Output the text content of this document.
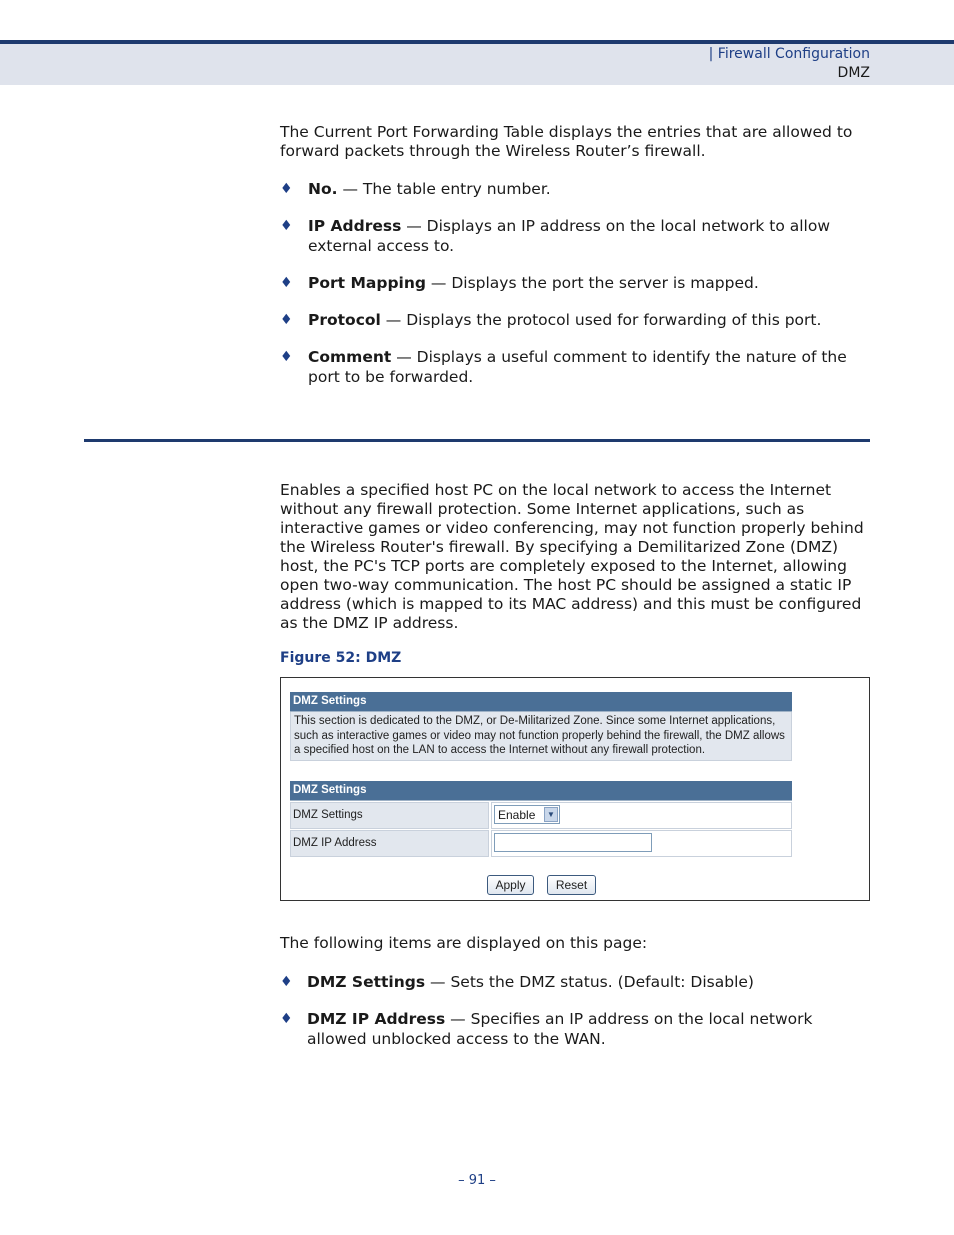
| Firewall Configuration
DMZ

The Current Port Forwarding Table displays the entries that are allowed to forward packets through the Wireless Router’s firewall.

♦ No. — The table entry number.
♦ IP Address — Displays an IP address on the local network to allow external access to.
♦ Port Mapping — Displays the port the server is mapped.
♦ Protocol — Displays the protocol used for forwarding of this port.
♦ Comment — Displays a useful comment to identify the nature of the port to be forwarded.

Enables a specified host PC on the local network to access the Internet without any firewall protection. Some Internet applications, such as interactive games or video conferencing, may not function properly behind the Wireless Router's firewall. By specifying a Demilitarized Zone (DMZ) host, the PC's TCP ports are completely exposed to the Internet, allowing open two-way communication. The host PC should be assigned a static IP address (which is mapped to its MAC address) and this must be configured as the DMZ IP address.

Figure 52: DMZ
DMZ Settings
This section is dedicated to the DMZ, or De-Militarized Zone. Since some Internet applications, such as interactive games or video may not function properly behind the firewall, the DMZ allows a specified host on the LAN to access the Internet without any firewall protection.
DMZ Settings
DMZ Settings	Enable	▼
DMZ IP Address
Apply	Reset

The following items are displayed on this page:

♦ DMZ Settings — Sets the DMZ status. (Default: Disable)
♦ DMZ IP Address — Specifies an IP address on the local network allowed unblocked access to the WAN.
– 91 –
